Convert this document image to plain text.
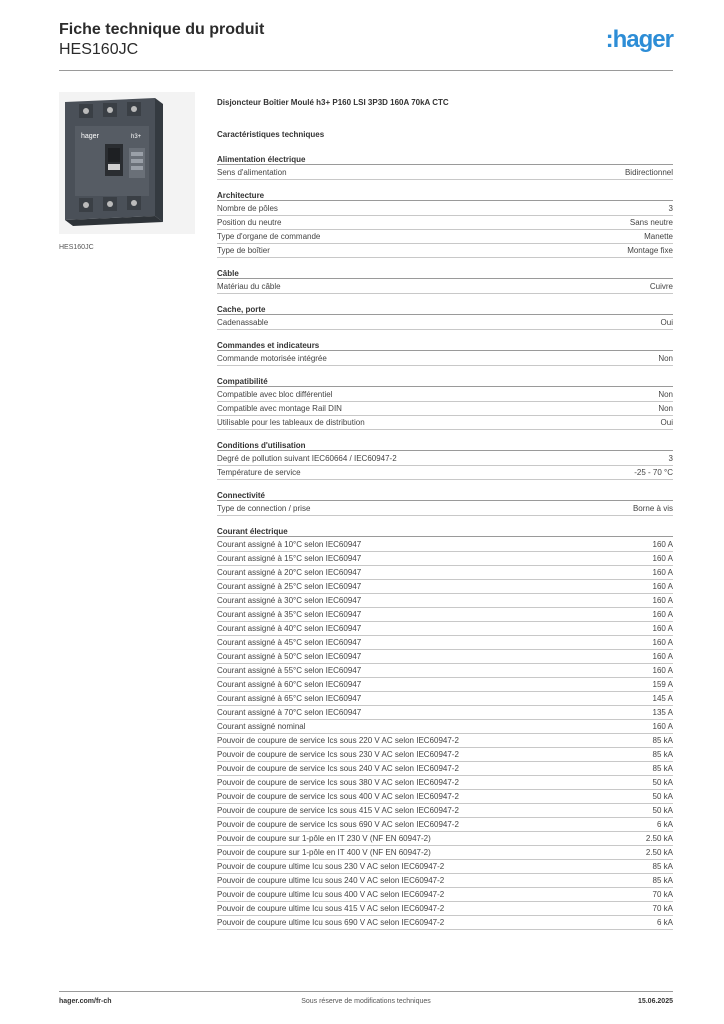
Fiche technique du produit
HES160JC	:hager
hager	h3+
HES160JC
Disjoncteur Boîtier Moulé h3+ P160 LSI 3P3D 160A 70kA CTC
Caractéristiques techniques
Alimentation électrique
Sens d'alimentation	Bidirectionnel
Architecture
Nombre de pôles	3
Position du neutre	Sans neutre
Type d'organe de commande	Manette
Type de boîtier	Montage fixe
Câble
Matériau du câble	Cuivre
Cache, porte
Cadenassable	Oui
Commandes et indicateurs
Commande motorisée intégrée	Non
Compatibilité
Compatible avec bloc différentiel	Non
Compatible avec montage Rail DIN	Non
Utilisable pour les tableaux de distribution	Oui
Conditions d'utilisation
Degré de pollution suivant IEC60664 / IEC60947-2	3
Température de service	-25 - 70 °C
Connectivité
Type de connection / prise	Borne à vis
Courant électrique
Courant assigné à 10°C selon IEC60947	160 A
Courant assigné à 15°C selon IEC60947	160 A
Courant assigné à 20°C selon IEC60947	160 A
Courant assigné à 25°C selon IEC60947	160 A
Courant assigné à 30°C selon IEC60947	160 A
Courant assigné à 35°C selon IEC60947	160 A
Courant assigné à 40°C selon IEC60947	160 A
Courant assigné à 45°C selon IEC60947	160 A
Courant assigné à 50°C selon IEC60947	160 A
Courant assigné à 55°C selon IEC60947	160 A
Courant assigné à 60°C selon IEC60947	159 A
Courant assigné à 65°C selon IEC60947	145 A
Courant assigné à 70°C selon IEC60947	135 A
Courant assigné nominal	160 A
Pouvoir de coupure de service Ics sous 220 V AC selon IEC60947-2	85 kA
Pouvoir de coupure de service Ics sous 230 V AC selon IEC60947-2	85 kA
Pouvoir de coupure de service Ics sous 240 V AC selon IEC60947-2	85 kA
Pouvoir de coupure de service Ics sous 380 V AC selon IEC60947-2	50 kA
Pouvoir de coupure de service Ics sous 400 V AC selon IEC60947-2	50 kA
Pouvoir de coupure de service Ics sous 415 V AC selon IEC60947-2	50 kA
Pouvoir de coupure de service Ics sous 690 V AC selon IEC60947-2	6 kA
Pouvoir de coupure sur 1-pôle en IT 230 V (NF EN 60947-2)	2.50 kA
Pouvoir de coupure sur 1-pôle en IT 400 V (NF EN 60947-2)	2.50 kA
Pouvoir de coupure ultime Icu sous 230 V AC selon IEC60947-2	85 kA
Pouvoir de coupure ultime Icu sous 240 V AC selon IEC60947-2	85 kA
Pouvoir de coupure ultime Icu sous 400 V AC selon IEC60947-2	70 kA
Pouvoir de coupure ultime Icu sous 415 V AC selon IEC60947-2	70 kA
Pouvoir de coupure ultime Icu sous 690 V AC selon IEC60947-2	6 kA
hager.com/fr-ch	Sous réserve de modifications techniques	15.06.2025
